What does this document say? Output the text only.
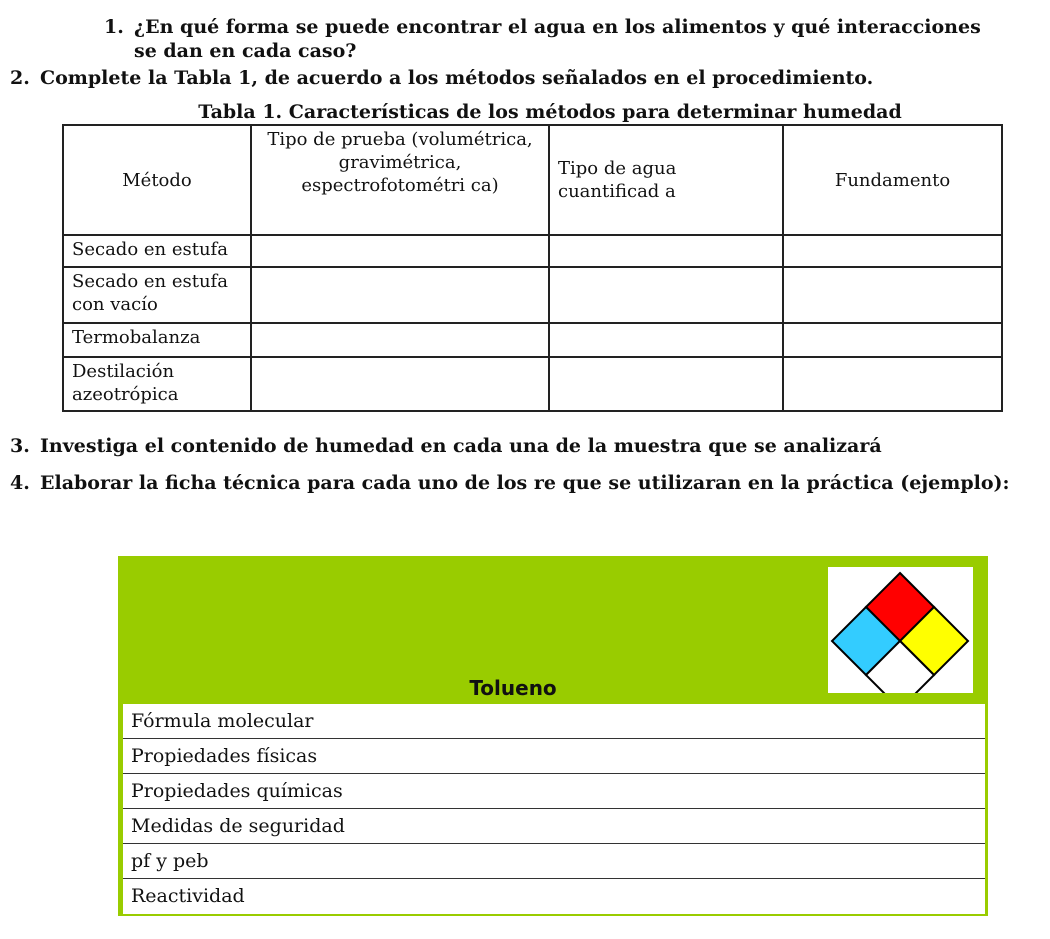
1. ¿En qué forma se puede encontrar el agua en los alimentos y qué interacciones se dan en cada caso?
2. Complete la Tabla 1, de acuerdo a los métodos señalados en el procedimiento.
Tabla 1. Características de los métodos para determinar humedad
Método	Tipo de prueba (volumétrica, gravimétrica, espectrofotométri ca)	Tipo de agua cuantificad a	Fundamento
Secado en estufa			
Secado en estufa con vacío			
Termobalanza			
Destilación azeotrópica			
3. Investiga el contenido de humedad en cada una de la muestra que se analizará
4. Elaborar la ficha técnica para cada uno de los re que se utilizaran en la práctica (ejemplo):
Tolueno
Fórmula molecular
Propiedades físicas
Propiedades químicas
Medidas de seguridad
pf y peb
Reactividad
